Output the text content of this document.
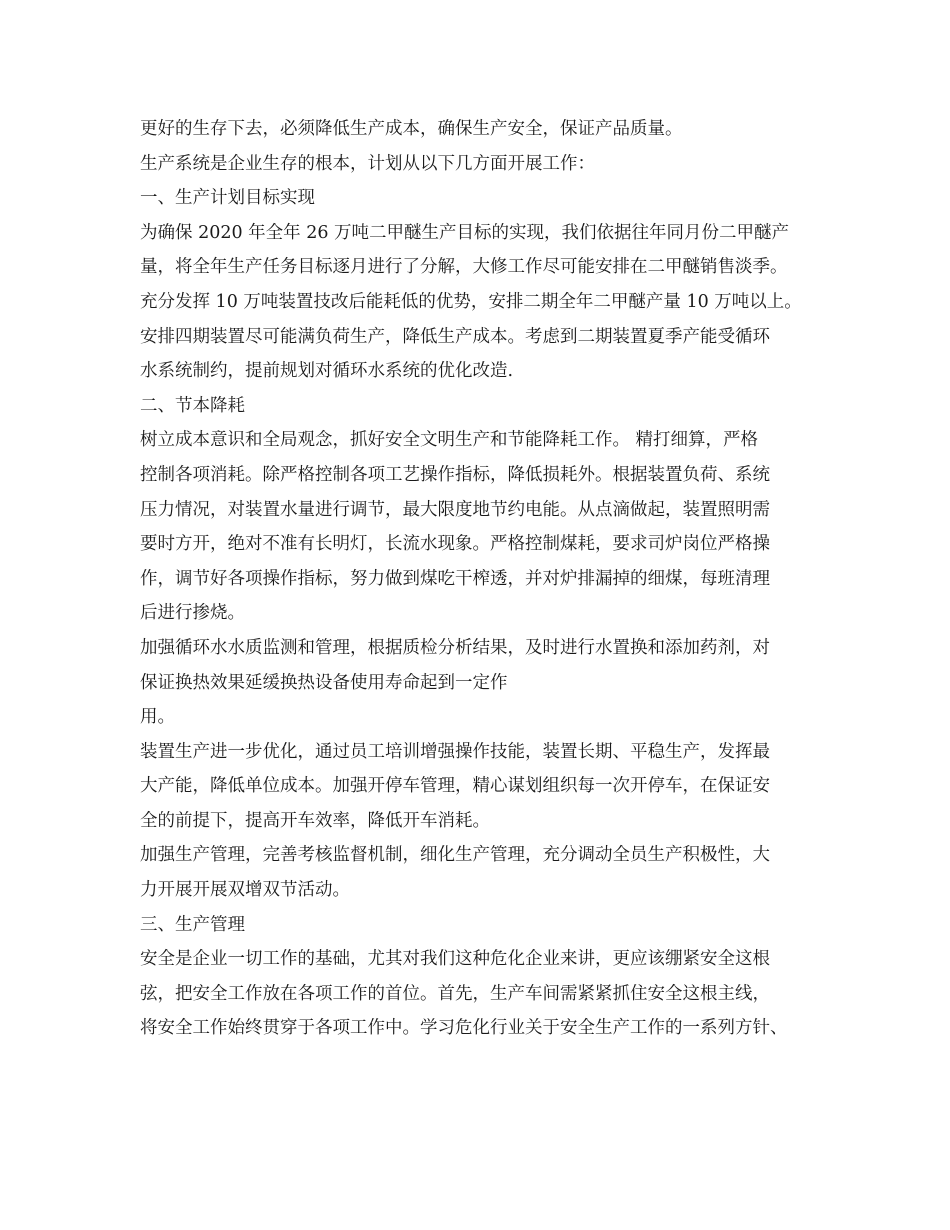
更好的生存下去，必须降低生产成本，确保生产安全，保证产品质量。
生产系统是企业生存的根本，计划从以下几方面开展工作：
一、生产计划目标实现
为确保 2020 年全年 26 万吨二甲醚生产目标的实现，我们依据往年同月份二甲醚产
量，将全年生产任务目标逐月进行了分解，大修工作尽可能安排在二甲醚销售淡季。
充分发挥 10 万吨装置技改后能耗低的优势，安排二期全年二甲醚产量 10 万吨以上。
安排四期装置尽可能满负荷生产，降低生产成本。考虑到二期装置夏季产能受循环
水系统制约，提前规划对循环水系统的优化改造.
二、节本降耗
树立成本意识和全局观念，抓好安全文明生产和节能降耗工作。 精打细算，严格
控制各项消耗。除严格控制各项工艺操作指标，降低损耗外。根据装置负荷、系统
压力情况，对装置水量进行调节，最大限度地节约电能。从点滴做起，装置照明需
要时方开，绝对不准有长明灯，长流水现象。严格控制煤耗，要求司炉岗位严格操
作，调节好各项操作指标，努力做到煤吃干榨透，并对炉排漏掉的细煤，每班清理
后进行掺烧。
加强循环水水质监测和管理，根据质检分析结果，及时进行水置换和添加药剂，对
保证换热效果延缓换热设备使用寿命起到一定作
用。
装置生产进一步优化，通过员工培训增强操作技能，装置长期、平稳生产，发挥最
大产能，降低单位成本。加强开停车管理，精心谋划组织每一次开停车，在保证安
全的前提下，提高开车效率，降低开车消耗。
加强生产管理，完善考核监督机制，细化生产管理，充分调动全员生产积极性，大
力开展开展双增双节活动。
三、生产管理
安全是企业一切工作的基础，尤其对我们这种危化企业来讲，更应该绷紧安全这根
弦，把安全工作放在各项工作的首位。首先，生产车间需紧紧抓住安全这根主线，
将安全工作始终贯穿于各项工作中。学习危化行业关于安全生产工作的一系列方针、
